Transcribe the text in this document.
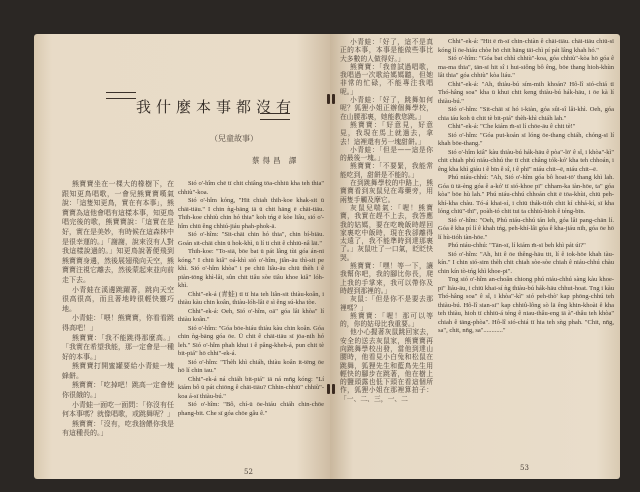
我什麼本事都沒有
（兒童故事）
蔡得昌 譯

熊寶寶坐在一棵大的橡樹下，在跟知更鳥唱歌，一會兒熊寶寶嘆氣說：「這隻知更鳥，實在有本事」，熊寶寶為這他會唱有這樣本事，知更鳥唱完後的歌，熊寶寶說：「這實在是好，實在是美妙，有時候在這森林中是很幸運的。」「謝謝，說來沒有人對我這樣說過的。」知更鳥說著便飛到熊寶寶身邊，然後展翅飛向天空，熊寶寶注視它離去，然後蒙起來並向前走下去。

小青蛙在溪邊跳躍著，跳向天空很高很高，而且著地時很輕快靈巧地。

小青蛙：「喂！熊寶寶，你看看跳得高吧！」

熊寶寶：「我不能跳得那麼高。」「我實在希望我能，那一定會是一種好的本事。」

熊寶寶打開蜜罐要給小青蛙一塊蜂餅。

熊寶寶：「吃掉吧！跳高一定會使你很餓的。」

小青蛙一面吃一面問：「你沒有任何本事嗎？就像唱歌，或跳舞呢？」

熊寶寶：「沒有，吃我捨餵你我是有這種長的。」

Sió o'-hîm chē tī chit chiâng tōa-chhiū kha teh thia" chhiù"-koa.

Sió o'-hîm kóng, "Hit chiah thih-koe khak-sit ū chāi-tiāu." I chin ǹg-bāng iā ū chit hāng ē chāi-tiāu. Thih-koe chhiù chin hó thia" koh tńg ē kòe liâu, sió o'-hîm chiū êng chhiú-jiáu phah-phok-ā.

Sió o'-hîm: "Sit-chāi chin hó thia", chin bí-biāu. Goán sit-chāi chin ū hok-khì, ū lí ti chit ê chhiū-nâ lāi."

Thih-koe: "To-siā, bōe bat ū pát lâng tùi góa án-ni kóng." I chiū kiâ" oá-khì sió o'-hîm, jiân-āu thì-sit pe khì. Sió o'-hîm khòa" i pe chiū liâu-āu chiū thèh i ê piàn-tōng khì-lâi, sûn chit tiâu sòe tiâu khoe kiâ" lóh-khì.

Chhi"-ek-á (青蛙) tī tī hia teh liân-sit thiàu-koân, i thiàu kàu chin koân, thiàu-lóh-lâi ē sì êng sú-kha tòe.

Chhi"-ek-á: Oeh, Sió o'-hîm, oā" góa lâi khòa" lí thiàu koân."

Sió o'-hîm: "Góa bōe-hiáu thiàu kàu chin koân. Góa chin ǹg-bāng góa ōe. Ū chit ê chāi-tiāu sī jōa-nih hó leh." Sió o'-hîm phah khui i ê pâng-kheh-á, pun chit tè bit-piá" hō chhi"-ek-á.

Sió o'-hîm: "Thèh khì chiáh, thiàu koân it-tēng ōe hō lí chin iau."

Chhi"-ek-á ná chiáh bit-piá" iā ná mn̄g kóng: "Lí kiám bô ū pát chiōng ê chāi-tiāu? Chhin-chhiū" chhiù"-koa á-sī thiàu-bú."

Sió o'-hîm: "Bô, chí-ū ōe-hiáu chiáh chin-chōe phang-bit. Che sī góa chōe gâu ê."

52

小青蛙：「好了，這不是真正的本事，本事是能做些事比大多數的人做得好。」

熊寶寶：「我曾試過唱歌，我唱過一次歌給媽媽聽，但她非常的忙碌，不能專注我唱呢。」

小青蛙：「好了，跳舞如何呢？狐狸小姐正辦個舞學校，在山腰那裏，她能教您跳。」

熊寶寶：「好意見，好意見，我現在馬上就過去，拿去！這裡還有另一塊甜餅。」

小青蛙：「但是——這是你的最後一塊。」

熊寶寶：「不要緊，我能常能吃到，甜餅是不能的。」

在到跳舞學校的中路上，熊寶寶看到灰鼠兒在毒藥旁，用兩隻手觸及摩它。

灰鼠兒喘氣：「喔！熊寶寶，我實在趕不上去，我答應我的姑媽，要在吃晚飯時趕回家裏吃中飯時，現在我卻離得太遠了，我不能準時到達那裏了。」灰鼠吐了一口氣，眨眨快哭。

熊寶寶：「嘿！等一下，讓我幫你吧，我的腳比你長，爬上我的手掌來，我可以帶你及時趕到那裡的。」

灰鼠：「但是你不是要去那裡嗎？」

熊寶寶：「喔！那可以等的，你的姑母比我重要。」

他小心握著灰鼠跳回家去，安全的送去灰鼠家，熊寶寶再向跳舞學校出發，當他到達山腰時，他看見小白兔和松鼠在跳舞，狐狸先生和藍鳥先生用輕快的腳步在跳著，他在樹上的鹽頭露也低下頭在看這個所作，狐狸小姐在那裡算拍子：「一、二、三，一、二

Chhi"-ek-á: "Hit ē m̄-sī chin-chiàn ê chāi-tiāu. chāi-tiāu chiū-sī kóng lí ōe-hiáu chòe hō chit hāng tāi-chì pí pát lâng khah hó."

Sió o'-hîm: "Góa bat chhì chhiù"-koa, góa chhiù"-kòa hō góa ê ma-ma thia", tān-sī hit sî i hui-siông bô êng, bōe thang hioh-khùn lâi thia" góa chhiù" kòa liáu."

Chhi"-ek-á: "Ah, thiàu-bú sím-mih khoán? Hô-lî sió-chiá tī Thó-hâng soa" kha ū khui chit keng thiàu-bú hák-hāu, i ōe kà lí thiàu-bú."

Sió o'-hîm: "Sit-chāi sī hó i-kiàn, góa sûi-sî lâi-khì. Oeh, góa chia iáu koh ū chit tè bit-piá" thèh-khì chiáh lah."

Chhi"-ek-á: "Che kiám m̄-sī lí chōe-āu ê chit tè!"

Sió o'-hîm: "Góa put-koán sī lóng ōe-thang chiáh, chóng-sī lí khah bōe-thang."

Sió o'-hîm kiâ" kàu thiàu-bú hák-hāu ê pòa"-lō' ê sî, i khòa"-kì" chit chiah phú niáu-chhú the tī chit châng tók-kó' kha teh chhoán, i êng kha khì giáu i ê bīn ê sî, i ê phī" niáu chit--ē, niáu chit--ē.

Phú niáu-chhú: "Ah, Sió o'-hîm góa bô hoat-tō' thang khì lah. Góa ū tā-èng góa ê a-kó' tī sió-khoe pi" chham-ka iàn-hōe, ta" góa kòa" bōe hù lah." Phú niáu-chhú chhoán chit ē tōa-khùi, chiū peh-khí-kha chàu. Tó-á khai-sí, i chiū thák-tióh chit kí chhá-kí, sī kha lóng chiū"-thī", poàh-tó chit tui ta chhiú-hioh ê téng-bīn.

Sió o'-hîm: "Oeh, Phú niáu-chhú tán leh, góa lâi pang-chān lí. Góa ê kha pí lí ê khah tńg, peh-khí-lâi góa ê kha-jiáu nih, góa ōe hō lí hù-tióh iàn-hōe."

Phú niáu-chhú: "Tān-sī, lí kiám m̄-sī beh khì pát úi?"

Sió o'-hîm: "Ah, hit ê ōe thêng-hāu tit, lí ê iok-hōe khah iàu-kín." I chin sió-sim thèh chit chiah sòe-sòe chiah ê niáu-chhú chàu chin kín tò-tńg khì khoe-pi".

Tng sió o'-hîm an-choân chiong phú niáu-chhú sàng kàu khoe-pi" liáu-āu, i chiū khai-sí ǹg thiàu-bú hák-hāu chhut-hoat. Tng i kàu Thó-hâng soa" ê sî, i khòa"-kì" sió peh-thò' kap phōng-chhú teh thiàu-bú. Hô-lî sian-si" kap chhiû-lông sò lā êng khin-khoài ê kha teh thiàu, hioh tī chhiū-á téng ê niau-thâu-eng iā à"-thâu teh khòa" chiah ê tāng-phòa". Hô-lî sió-chiá tī hia teh sǹg phah. "Chit, nn̄g, sa", chit, nn̄g, sa"............"

53
